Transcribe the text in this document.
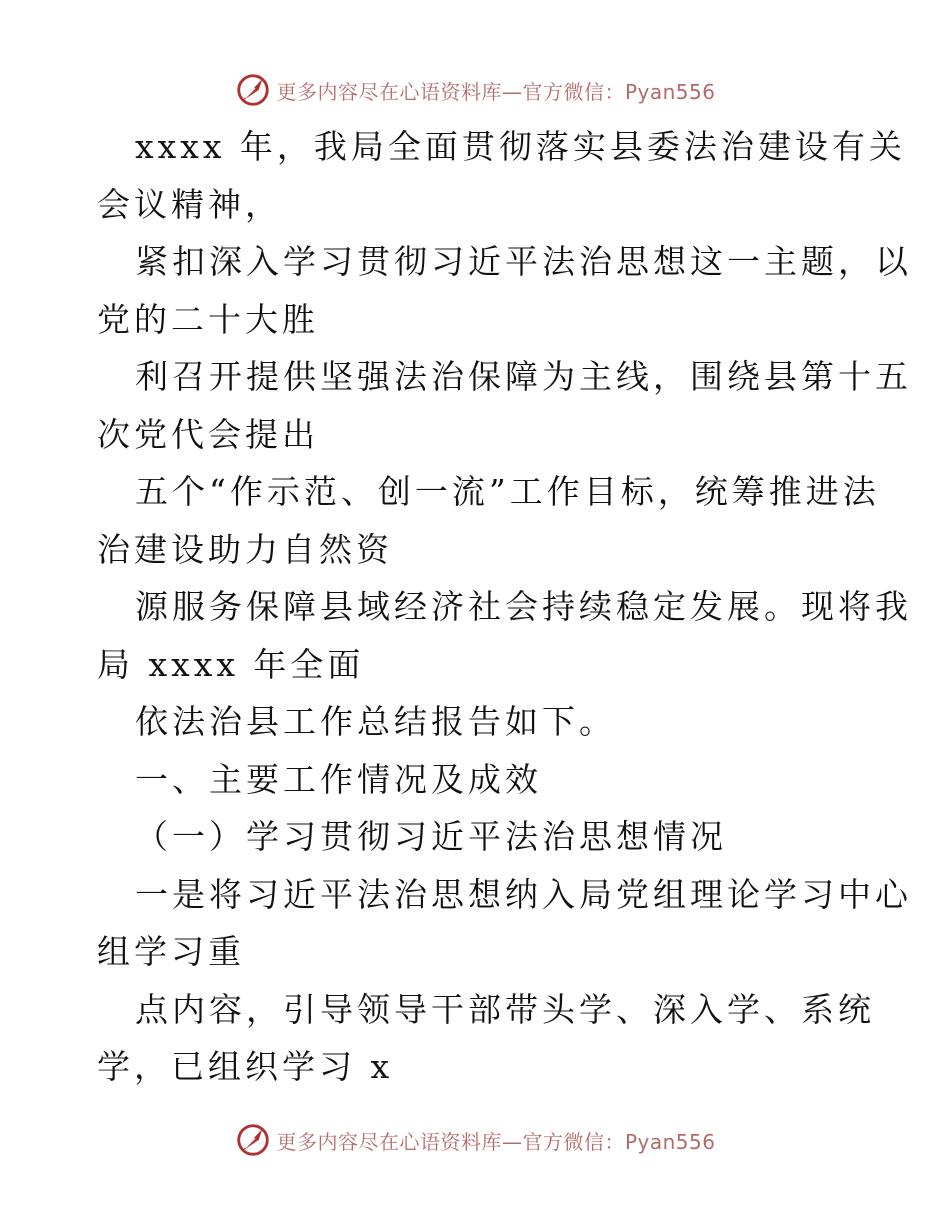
更多内容尽在心语资料库—官方微信：Pyan556
xxxx 年，我局全面贯彻落实县委法治建设有关
会议精神，
紧扣深入学习贯彻习近平法治思想这一主题，以
党的二十大胜
利召开提供坚强法治保障为主线，围绕县第十五
次党代会提出
五个“作示范、创一流”工作目标，统筹推进法
治建设助力自然资
源服务保障县域经济社会持续稳定发展。现将我
局 xxxx 年全面
依法治县工作总结报告如下。
一、主要工作情况及成效
（一）学习贯彻习近平法治思想情况
一是将习近平法治思想纳入局党组理论学习中心
组学习重
点内容，引导领导干部带头学、深入学、系统
学，已组织学习 x
更多内容尽在心语资料库—官方微信：Pyan556
